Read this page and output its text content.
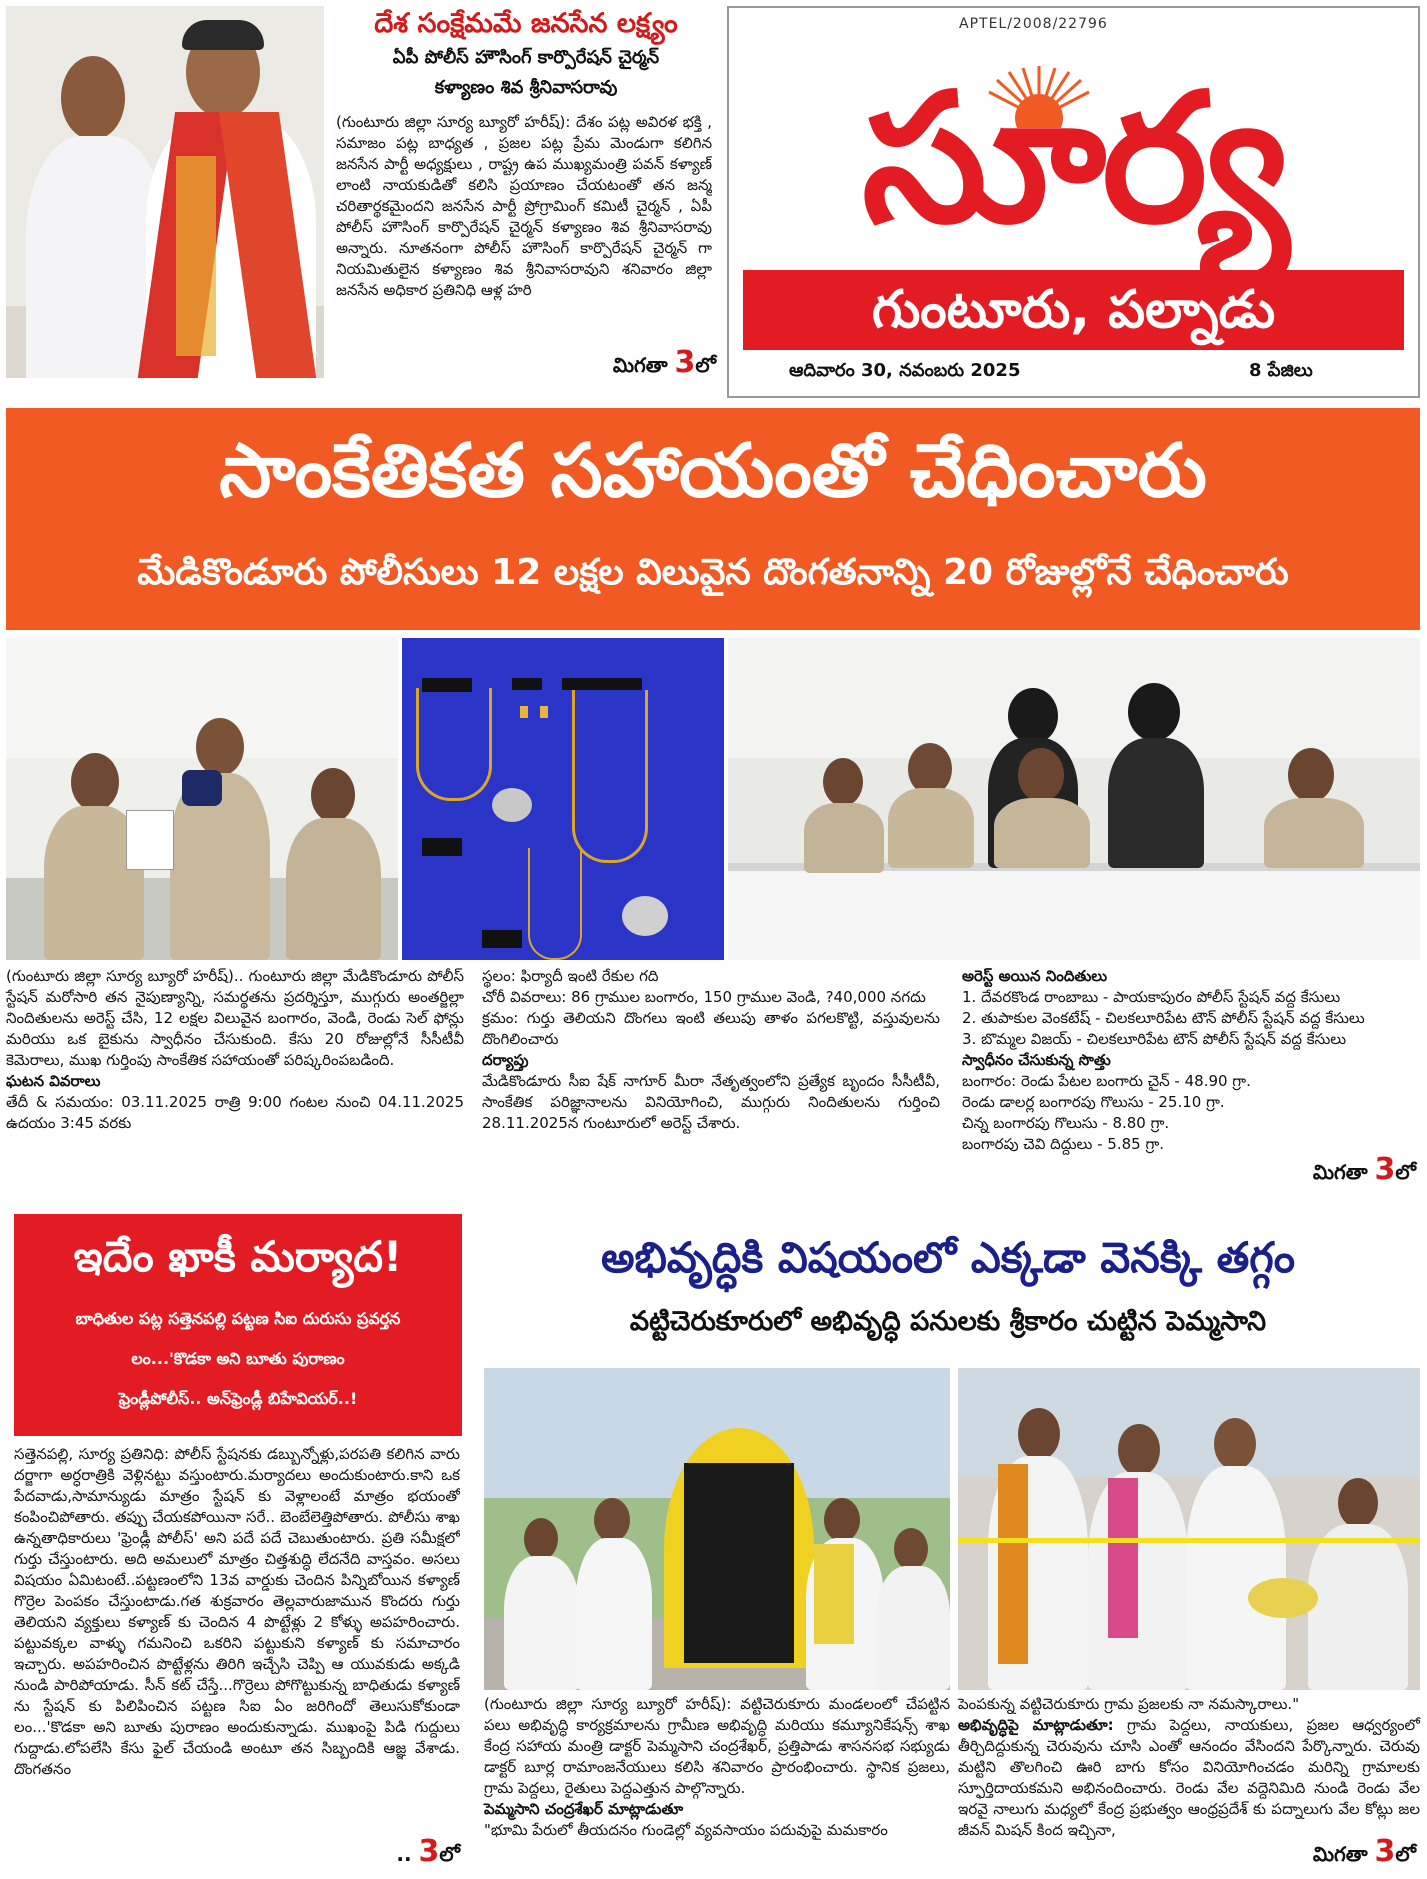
దేశ సంక్షేమమే జనసేన లక్ష్యం
ఏపీ పోలీస్ హౌసింగ్ కార్పొరేషన్ చైర్మన్
కళ్యాణం శివ శ్రీనివాసరావు
(గుంటూరు జిల్లా సూర్య బ్యూరో హరీష్): దేశం పట్ల అవిరళ భక్తి , సమాజం పట్ల బాధ్యత , ప్రజల పట్ల ప్రేమ మెండుగా కలిగిన జనసేన పార్టీ అధ్యక్షులు , రాష్ట్ర ఉప ముఖ్యమంత్రి పవన్ కళ్యాణ్ లాంటి నాయకుడితో కలిసి ప్రయాణం చేయటంతో తన జన్మ చరితార్థకమైందని జనసేన పార్టీ ప్రోగ్రామింగ్ కమిటీ చైర్మన్ , ఏపీ పోలీస్ హౌసింగ్ కార్పొరేషన్ చైర్మన్ కళ్యాణం శివ శ్రీనివాసరావు అన్నారు. నూతనంగా పోలీస్ హౌసింగ్ కార్పొరేషన్ చైర్మన్ గా నియమితులైన కళ్యాణం శివ శ్రీనివాసరావుని శనివారం జిల్లా జనసేన అధికార ప్రతినిధి ఆళ్ల హరి
మిగతా 3లో
APTEL/2008/22796
సూర్య
గుంటూరు, పల్నాడు
ఆదివారం 30, నవంబరు 2025	8 పేజిలు
సాంకేతికత సహాయంతో చేధించారు
మేడికొండూరు పోలీసులు 12 లక్షల విలువైన దొంగతనాన్ని 20 రోజుల్లోనే చేధించారు

(గుంటూరు జిల్లా సూర్య బ్యూరో హరీష్).. గుంటూరు జిల్లా మేడికొండూరు పోలీస్ స్టేషన్ మరోసారి తన నైపుణ్యాన్ని, సమర్థతను ప్రదర్శిస్తూ, ముగ్గురు అంతర్జిల్లా నిందితులను అరెస్ట్ చేసి, 12 లక్షల విలువైన బంగారం, వెండి, రెండు సెల్ ఫోన్లు మరియు ఒక బైకును స్వాధీనం చేసుకుంది. కేసు 20 రోజుల్లోనే సీసీటీవీ కెమెరాలు, ముఖ గుర్తింపు సాంకేతిక సహాయంతో పరిష్కరింపబడింది.

ఘటన వివరాలు

తేదీ & సమయం: 03.11.2025 రాత్రి 9:00 గంటల నుంచి 04.11.2025 ఉదయం 3:45 వరకు

స్థలం: ఫిర్యాదీ ఇంటి రేకుల గది

చోరీ వివరాలు: 86 గ్రాముల బంగారం, 150 గ్రాముల వెండి, ?40,000 నగదు

క్రమం: గుర్తు తెలియని దొంగలు ఇంటి తలుపు తాళం పగలకొట్టి, వస్తువులను దొంగిలించారు

దర్యాప్తు

మేడికొండూరు సీఐ షేక్ నాగూర్ మీరా నేతృత్వంలోని ప్రత్యేక బృందం సీసీటీవీ, సాంకేతిక పరిజ్ఞానాలను వినియోగించి, ముగ్గురు నిందితులను గుర్తించి 28.11.2025న గుంటూరులో అరెస్ట్ చేశారు.

అరెస్ట్ అయిన నిందితులు

1. దేవరకొండ రాంబాబు - పాయకాపురం పోలీస్ స్టేషన్ వద్ద కేసులు

2. తుపాకుల వెంకటేష్ - చిలకలూరిపేట టౌన్ పోలీస్ స్టేషన్ వద్ద కేసులు

3. బొమ్మల విజయ్ - చిలకలూరిపేట టౌన్ పోలీస్ స్టేషన్ వద్ద కేసులు

స్వాధీనం చేసుకున్న సొత్తు

బంగారం: రెండు పేటల బంగారు చైన్ - 48.90 గ్రా.

రెండు డాలర్ల బంగారపు గొలుసు - 25.10 గ్రా.

చిన్న బంగారపు గొలుసు - 8.80 గ్రా.

బంగారపు చెవి దిద్దులు - 5.85 గ్రా.

మిగతా 3లో
ఇదేం ఖాకీ మర్యాద!
బాధితుల పట్ల సత్తెనపల్లి పట్టణ సిఐ దురుసు ప్రవర్తన
లం...'కొడకా అని బూతు పురాణం
ఫ్రెండ్లీపోలీస్.. అన్‌ఫ్రెండ్లీ బిహేవియర్..!
సత్తెనపల్లి, సూర్య ప్రతినిధి: పోలీస్ స్టేషనకు డబ్బున్నోళ్లు,పరపతి కలిగిన వారు దర్జాగా అర్ధరాత్రికి వెళ్లినట్టు వస్తుంటారు.మర్యాదలు అందుకుంటారు.కాని ఒక పేదవాడు,సామాన్యుడు మాత్రం స్టేషన్ కు వెళ్లాలంటే మాత్రం భయంతో కంపించిపోతారు. తప్పు చేయకపోయినా సరే.. బెంబేలెత్తిపోతారు. పోలీసు శాఖ ఉన్నతాధికారులు 'ఫ్రెండ్లీ పోలీస్' అని పదే పదే చెబుతుంటారు. ప్రతి సమీక్షలో గుర్తు చేస్తుంటారు. అది అమలులో మాత్రం చిత్తశుద్ధి లేదనేది వాస్తవం. అసలు విషయం ఏమిటంటే..పట్టణంలోని 13వ వార్డుకు చెందిన పిన్నిబోయిన కళ్యాణ్ గొర్రెల పెంపకం చేస్తుంటాడు.గత శుక్రవారం తెల్లవారుజామున కొందరు గుర్తు తెలియని వ్యక్తులు కళ్యాణ్ కు చెందిన 4 పొట్టేళ్లు 2 కోళ్ళు అపహరించారు. పట్టువక్కల వాళ్ళు గమనించి ఒకరిని పట్టుకుని కళ్యాణ్ కు సమాచారం ఇచ్చారు. అపహరించిన పొట్టేళ్లను తిరిగి ఇచ్చేసి చెప్పి ఆ యువకుడు అక్కడి నుండి పారిపోయాడు. సీన్ కట్ చేస్తే...గొర్రెలు పోగొట్టుకున్న బాధితుడు కళ్యాణ్ ను స్టేషన్ కు పిలిపించిన పట్టణ సిఐ ఏం జరిగిందో తెలుసుకోకుండా లం...'కొడకా అని బూతు పురాణం అందుకున్నాడు. ముఖంపై పిడి గుద్దులు గుద్దాడు.లోపలేసి కేసు ఫైల్ చేయండి అంటూ తన సిబ్బందికి ఆజ్ఞ వేశాడు. దొంగతనం
.. 3లో
అభివృద్ధికి విషయంలో ఎక్కడా వెనక్కి తగ్గం
వట్టిచెరుకూరులో అభివృద్ధి పనులకు శ్రీకారం చుట్టిన పెమ్మసాని

(గుంటూరు జిల్లా సూర్య బ్యూరో హరీష్): వట్టిచెరుకూరు మండలంలో చేపట్టిన పలు అభివృద్ధి కార్యక్రమాలను గ్రామీణ అభివృద్ధి మరియు కమ్యూనికేషన్స్ శాఖ కేంద్ర సహాయ మంత్రి డాక్టర్ పెమ్మసాని చంద్రశేఖర్, ప్రత్తిపాడు శాసనసభ సభ్యుడు డాక్టర్ బూర్ల రామాంజనేయులు కలిసి శనివారం ప్రారంభించారు. స్థానిక ప్రజలు, గ్రామ పెద్దలు, రైతులు పెద్దఎత్తున పాల్గొన్నారు.

పెమ్మసాని చంద్రశేఖర్ మాట్లాడుతూ

"భూమి పేరులో తీయదనం గుండెల్లో వ్యవసాయం పదువుపై మమకారం

పెంపకున్న వట్టిచెరుకూరు గ్రామ ప్రజలకు నా నమస్కారాలు."

అభివృద్ధిపై మాట్లాడుతూ: గ్రామ పెద్దలు, నాయకులు, ప్రజల ఆధ్వర్యంలో తీర్చిదిద్దుకున్న చెరువును చూసి ఎంతో ఆనందం వేసిందని పేర్కొన్నారు. చెరువు మట్టిని తొలగించి ఊరి బాగు కోసం వినియోగించడం మరిన్ని గ్రామాలకు స్ఫూర్తిదాయకమని అభినందించారు. రెండు వేల వద్దెనిమిది నుండి రెండు వేల ఇరవై నాలుగు మధ్యలో కేంద్ర ప్రభుత్వం ఆంధ్రప్రదేశ్ కు పద్నాలుగు వేల కోట్లు జల జీవన్ మిషన్ కింద ఇచ్చినా,

మిగతా 3లో
